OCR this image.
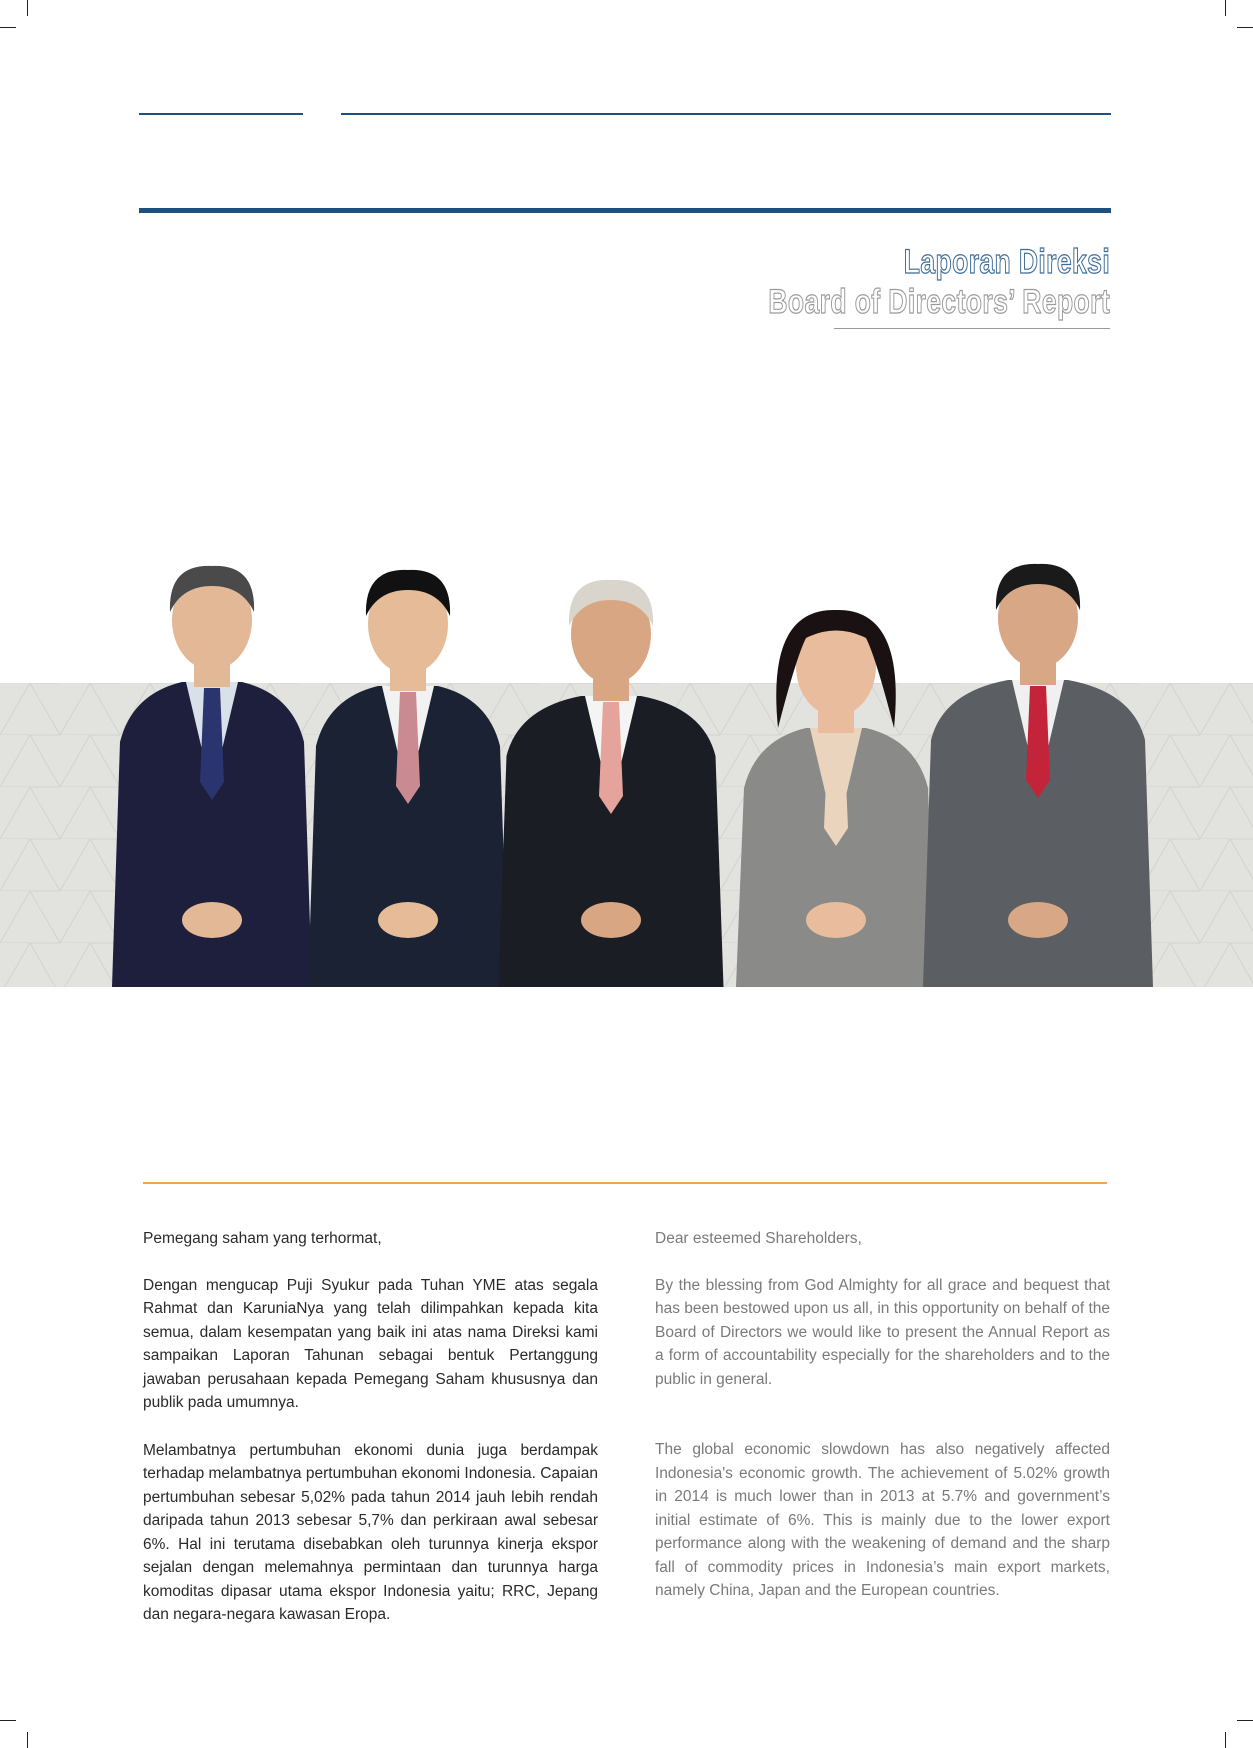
Laporan Direksi
Board of Directors’ Report

Pemegang saham yang terhormat,

Dengan mengucap Puji Syukur pada Tuhan YME atas segala Rahmat dan KaruniaNya yang telah dilimpahkan kepada kita semua, dalam kesempatan yang baik ini atas nama Direksi kami sampaikan Laporan Tahunan sebagai bentuk Pertanggung jawaban perusahaan kepada Pemegang Saham khususnya dan publik pada umumnya.

Melambatnya pertumbuhan ekonomi dunia juga berdampak terhadap melambatnya pertumbuhan ekonomi Indonesia. Capaian pertumbuhan sebesar 5,02% pada tahun 2014 jauh lebih rendah daripada tahun 2013 sebesar 5,7% dan perkiraan awal sebesar 6%. Hal ini terutama disebabkan oleh turunnya kinerja ekspor sejalan dengan melemahnya permintaan dan turunnya harga komoditas dipasar utama ekspor Indonesia yaitu; RRC, Jepang dan negara-negara kawasan Eropa.

Dear esteemed Shareholders,

By the blessing from God Almighty for all grace and bequest that has been bestowed upon us all, in this opportunity on behalf of the Board of Directors we would like to present the Annual Report as a form of accountability especially for the shareholders and to the public in general.

The global economic slowdown has also negatively affected Indonesia's economic growth. The achievement of 5.02% growth in 2014 is much lower than in 2013 at 5.7% and government’s initial estimate of 6%. This is mainly due to the lower export performance along with the weakening of demand and the sharp fall of commodity prices in Indonesia’s main export markets, namely China, Japan and the European countries.
